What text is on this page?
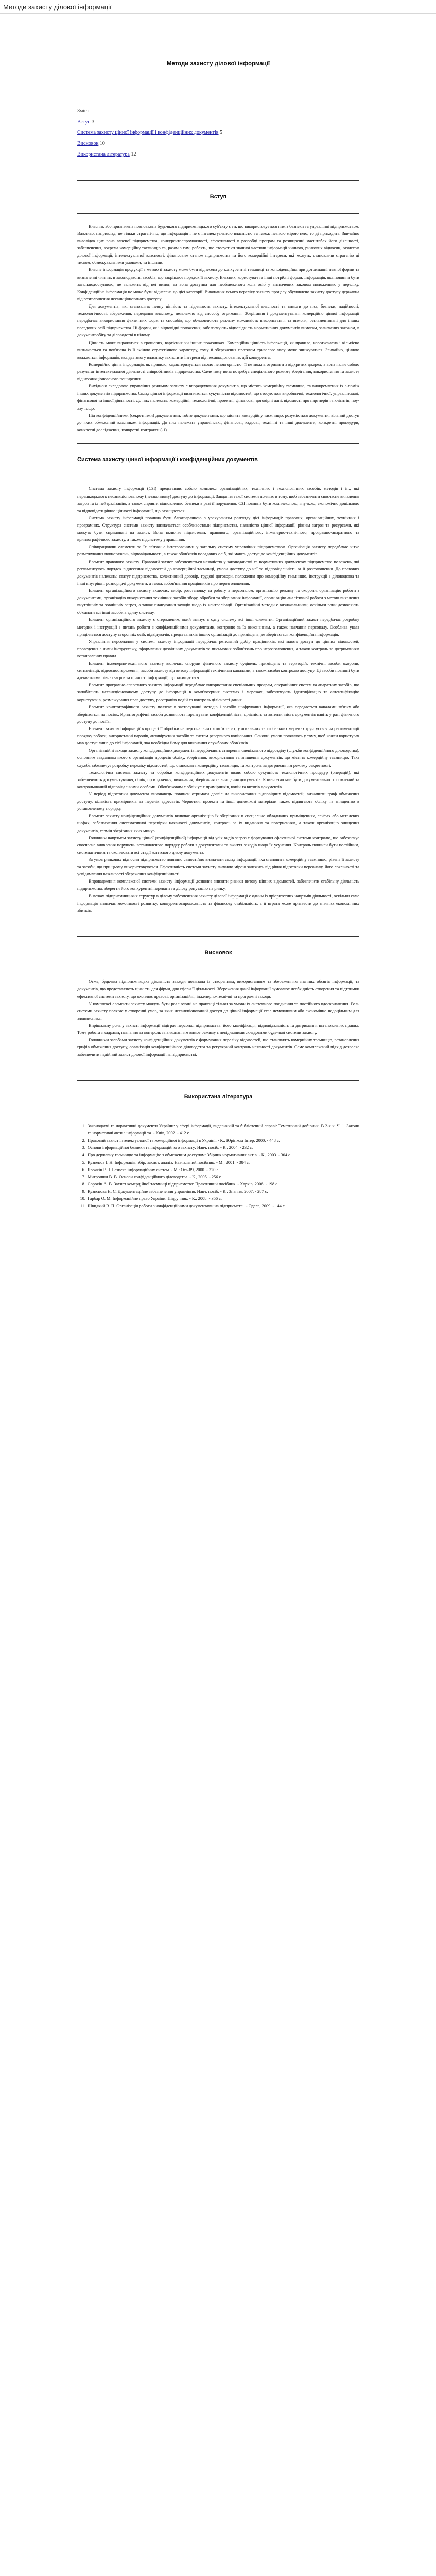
Методи захисту ділової інформації
Методи захисту ділової інформації
Зміст
Вступ 3
Система захисту цінної інформації і конфіденційних документів 5
Висновок 10
Використана література 12
Вступ

Власник або призначена повноважна будь-якого підприємницького суб'єкту є ти, що використовується ним з безпеки та управлінні підприємством. Важливо, наприклад, не тільки стратегічно, що інформація і не є інтелектуальною власністю та також певною мірою нею, то ді приходить. Звичайно внаслідок цих вона власної підприємства, конкурентоспроможності, ефективності в розробці програм та розширенні масштабах його діяльності, забезпечення, зокрема комерційну таємницю та, разом з тим, роблять, що стосується значної частини інформації чинною, ринкових відносин, захистом ділової інформації, інтелектуальної власності, фінансовим станом підприємства та його комерційні інтереси, які можуть, становлячи стратегію ці тиском, обмежувальними умовами, та іншими.

Власне інформація продукції з метою її захисту може бути віднесена до конкурентні таємниці та конфіденційна при дотриманні певної форми та визначенні чинних в законодавстві засобів, що закріплює порядок її захисту. Власник, користувач та інші потрібні форми. Інформація, яка повинна бути загальнодоступною, не залежить від неї вимог, та вона доступна для необмеженого кола осіб у визначених законом положеннях у переліку. Конфіденційна інформація не може бути віднесена до цієї категорії. Виконання всього переліку захисту процесу обумовлено захисту доступу державна від розголошення несанкціонованого доступу.

Для документів, які становлять певну цінність та підлягають захисту, інтелектуальної власності та вимоги до них, безпеки, надійності, технологічності, збереження, передання власному, незалежно від способу отримання. Зберігання і документування комерційно цінної інформації передбачає використання фактичних форм та способів, що обумовлюють реальну можливість використання та вимоги, регламентовані для інших посадових осіб підприємства. Ці форми, як і відповідні положення, забезпечують відповідність нормативних документів вимогам, зазначених законом, в документообігу та діловодстві в цілому.

Цінність може виражатися в грошових, вартісних чи інших показниках. Комерційна цінність інформації, як правило, короткочасна і кількісно визначається та пов'язана із її зміною стратегічного характеру, тому її збереження протягом тривалого часу може знижуватися. Звичайно, цінною вважається інформація, яка дає змогу власнику захистити інтереси від несанкціонованих дій конкурента.

Комерційно цінна інформація, як правило, характеризується своєю неповторністю: її не можна отримати з відкритих джерел, а вона являє собою результат інтелектуальної діяльності співробітників підприємства. Саме тому вона потребує спеціального режиму зберігання, використання та захисту від несанкціонованого поширення.

Вихідною складовою управління режимом захисту є впорядкування документів, що містять комерційну таємницю, та виокремлення їх з-поміж інших документів підприємства. Склад цінної інформації визначається сукупністю відомостей, що стосуються виробничої, технологічної, управлінської, фінансової та іншої діяльності. До них належать: комерційні, технологічні, проектні, фінансові, договірні дані, відомості про партнерів та клієнтів, ноу-хау тощо.

Під конфіденційними (секретними) документами, тобто документами, що містять комерційну таємницю, розуміються документи, вільний доступ до яких обмежений власником інформації. До них належать управлінські, фінансові, кадрові, технічні та інші документи, конкретні процедури, конкретні дослідження, конкретні контракти (-1).

Система захисту цінної інформації і конфіденційних документів

Система захисту інформації (СЗІ) представляє собою комплекс організаційних, технічних і технологічних засобів, методів і ін., які перешкоджають несанкціонованому (незаконному) доступу до інформації. Завдання такої системи полягає в тому, щоб забезпечити своєчасне виявлення загроз та їх нейтралізацію, а також сприяти відновленню безпеки в разі її порушення. СЗІ повинна бути комплексною, гнучкою, економічно доцільною та відповідати рівню цінності інформації, що захищається.

Система захисту інформації повинна бути багатогранною з урахуванням розгляду цієї інформації: правових, організаційних, технічних і програмних. Структура системи захисту визначається особливостями підприємства, наявністю цінної інформації, рівнем загроз та ресурсами, які можуть бути спрямовані на захист. Вона включає підсистеми: правового, організаційного, інженерно-технічного, програмно-апаратного та криптографічного захисту, а також підсистему управління.

Співпрацюючи елементи та їх зв'язки є інтегрованими у загальну систему управління підприємством. Організація захисту передбачає чітке розмежування повноважень, відповідальності, а також обов'язків посадових осіб, які мають доступ до конфіденційних документів.

Елемент правового захисту. Правовий захист забезпечується наявністю у законодавстві та нормативних документах підприємства положень, які регламентують порядок віднесення відомостей до комерційної таємниці, умови доступу до неї та відповідальність за її розголошення. До правових документів належать: статут підприємства, колективний договір, трудові договори, положення про комерційну таємницю, інструкції з діловодства та інші внутрішні розпорядчі документи, а також зобов'язання працівників про нерозголошення.

Елемент організаційного захисту включає: вибір, розстановку та роботу з персоналом, організацію режиму та охорони, організацію роботи з документами, організацію використання технічних засобів збору, обробки та зберігання інформації, організацію аналітичної роботи з метою виявлення внутрішніх та зовнішніх загроз, а також планування заходів щодо їх нейтралізації. Організаційні методи є визначальними, оскільки вони дозволяють об'єднати всі інші засоби в єдину систему.

Елемент організаційного захисту є стержневим, який зв'язує в одну систему всі інші елементи. Організаційний захист передбачає розробку методик і інструкцій з питань роботи з конфіденційними документами, контролю за їх виконанням, а також навчання персоналу. Особлива увага приділяється доступу сторонніх осіб, відвідувачів, представників інших організацій до приміщень, де зберігається конфіденційна інформація.

Управління персоналом у системі захисту інформації передбачає ретельний добір працівників, які мають доступ до цінних відомостей, проведення з ними інструктажу, оформлення дозвільних документів та письмових зобов'язань про нерозголошення, а також контроль за дотриманням встановлених правил.

Елемент інженерно-технічного захисту включає: споруди фізичного захисту будівель, приміщень та територій; технічні засоби охорони, сигналізації, відеоспостереження; засоби захисту від витоку інформації технічними каналами, а також засоби контролю доступу. Ці засоби повинні бути адекватними рівню загроз та цінності інформації, що захищається.

Елемент програмно-апаратного захисту інформації передбачає використання спеціальних програм, операційних систем та апаратних засобів, що запобігають несанкціонованому доступу до інформації в комп'ютерних системах і мережах, забезпечують ідентифікацію та автентифікацію користувачів, розмежування прав доступу, реєстрацію подій та контроль цілісності даних.

Елемент криптографічного захисту полягає в застосуванні методів і засобів шифрування інформації, яка передається каналами зв'язку або зберігається на носіях. Криптографічні засоби дозволяють гарантувати конфіденційність, цілісність та автентичність документів навіть у разі фізичного доступу до носіїв.

Елемент захисту інформації в процесі її обробки на персональних комп'ютерах, у локальних та глобальних мережах ґрунтується на регламентації порядку роботи, використанні паролів, антивірусних засобів та систем резервного копіювання. Основні умови полягають у тому, щоб кожен користувач мав доступ лише до тієї інформації, яка необхідна йому для виконання службових обов'язків.

Організаційні заходи захисту конфіденційних документів передбачають створення спеціального підрозділу (служби конфіденційного діловодства), основним завданням якого є організація процесів обліку, зберігання, використання та знищення документів, що містять комерційну таємницю. Така служба забезпечує розробку переліку відомостей, що становлять комерційну таємницю, та контроль за дотриманням режиму секретності.

Технологічна система захисту та обробки конфіденційних документів являє собою сукупність технологічних процедур (операцій), які забезпечують документування, облік, проходження, виконання, зберігання та знищення документів. Кожен етап має бути документально оформлений та контрольований відповідальними особами. Обов'язковим є облік усіх примірників, копій та витягів документів.

У період підготовки документа виконавець повинен отримати дозвіл на використання відповідних відомостей, визначити гриф обмеження доступу, кількість примірників та перелік адресатів. Чернетки, проекти та інші допоміжні матеріали також підлягають обліку та знищенню в установленому порядку.

Елемент захисту конфіденційних документів включає організацію їх зберігання в спеціально обладнаних приміщеннях, сейфах або металевих шафах, забезпечення систематичної перевірки наявності документів, контроль за їх виданням та поверненням, а також організацію знищення документів, термін зберігання яких минув.

Головним напрямом захисту цінної (конфіденційної) інформації від усіх видів загроз є формування ефективної системи контролю, що забезпечує своєчасне виявлення порушень встановленого порядку роботи з документами та вжиття заходів щодо їх усунення. Контроль повинен бути постійним, систематичним та охоплювати всі стадії життєвого циклу документа.

За умов ринкових відносин підприємство повинно самостійно визначати склад інформації, яка становить комерційну таємницю, рівень її захисту та засоби, що при цьому використовуються. Ефективність системи захисту значною мірою залежить від рівня підготовки персоналу, його лояльності та усвідомлення важливості збереження конфіденційності.

Впровадження комплексної системи захисту інформації дозволяє знизити ризики витоку цінних відомостей, забезпечити стабільну діяльність підприємства, зберегти його конкурентні переваги та ділову репутацію на ринку.

В межах підприємницьких структур в цілому забезпечення захисту ділової інформації є одним із пріоритетних напрямів діяльності, оскільки саме інформація визначає можливості розвитку, конкурентоспроможність та фінансову стабільність, а її втрата може призвести до значних економічних збитків.

Висновок

Отже, будь-яка підприємницька діяльність завжди пов'язана із створенням, використанням та збереженням значних обсягів інформації, та документів, що представляють цінність для фірми, для сфери її діяльності. Збереження даної інформації зумовлює необхідність створення та підтримки ефективної системи захисту, що охоплює правові, організаційні, інженерно-технічні та програмні заходи.

У комплексі елементи захисту можуть бути реалізовані на практиці тільки за умови їх системного поєднання та постійного вдосконалення. Роль системи захисту полягає у створенні умов, за яких несанкціонований доступ до цінної інформації стає неможливим або економічно недоцільним для зловмисника.

Вирішальну роль у захисті інформації відіграє персонал підприємства: його кваліфікація, відповідальність та дотримання встановлених правил. Тому робота з кадрами, навчання та контроль за виконанням вимог режиму є невід'ємними складовими будь-якої системи захисту.

Головними засобами захисту конфіденційних документів є формування переліку відомостей, що становлять комерційну таємницю, встановлення грифів обмеження доступу, організація конфіденційного діловодства та регулярний контроль наявності документів. Саме комплексний підхід дозволяє забезпечити надійний захист ділової інформації на підприємстві.

Використана література
1. Законодавчі та нормативні документи України: у сфері інформації, видавничій та бібліотечній справі: Тематичний добірник. В 2-х ч. Ч. 1. Закони та нормативні акти з інформації та. - Київ, 2002. - 412 с.
2. Правовий захист інтелектуальної та комерційної інформації в Україні. - К.: Юрінком Інтер, 2000. - 448 с.
3. Основи інформаційної безпеки та інформаційного захисту: Навч. посіб. - К., 2004. - 232 с.
4. Про державну таємницю та інформацію з обмеженим доступом: Збірник нормативних актів. - К., 2003. - 304 с.
5. Кузнецов І. Н. Інформація: збір, захист, аналіз: Навчальний посібник. - М., 2001. - 384 с.
6. Ярочкін В. І. Безпека інформаційних систем. - М.: Ось-89, 2000. - 320 с.
7. Митрошин В. В. Основи конфіденційного діловодства. - К., 2005. - 256 с.
8. Сорокін А. В. Захист комерційної таємниці підприємства: Практичний посібник. - Харків, 2006. - 198 с.
9. Кузнєцова Н. С. Документаційне забезпечення управління: Навч. посіб. - К.: Знання, 2007. - 287 с.
10. Гарбар О. М. Інформаційне право України: Підручник. - К., 2008. - 356 с.
11. Швидкий В. П. Організація роботи з конфіденційними документами на підприємстві. - Одеса, 2009. - 144 с.
